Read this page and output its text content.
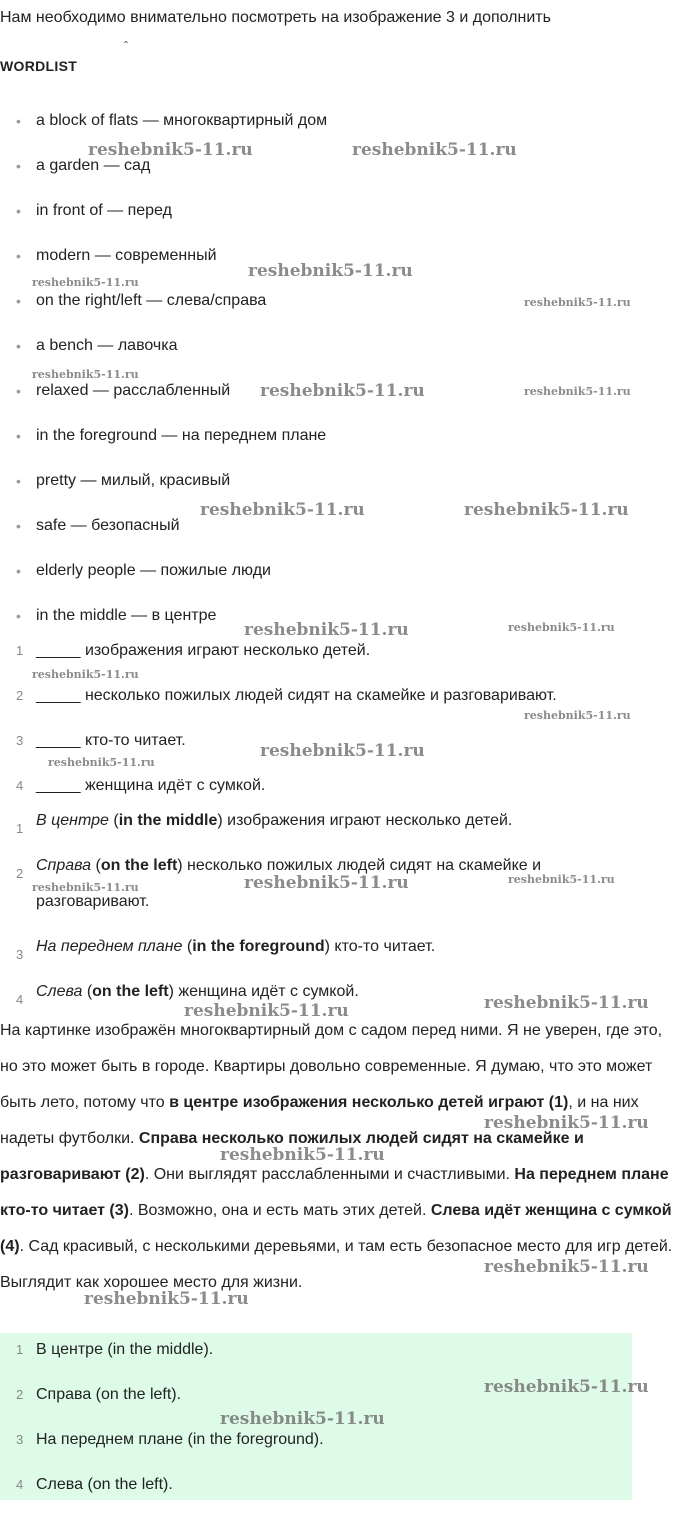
Нам необходимо внимательно посмотреть на изображение 3 и дополнить
ˆ
WORDLIST
• a block of flats — многоквартирный дом
• a garden — сад
• in front of — перед
• modern — современный
• on the right/left — слева/справа
• a bench — лавочка
• relaxed — расслабленный
• in the foreground — на переднем плане
• pretty — милый, красивый
• safe — безопасный
• elderly people — пожилые люди
• in the middle — в центре
1 _____ изображения играют несколько детей.
2 _____ несколько пожилых людей сидят на скамейке и разговаривают.
3 _____ кто-то читает.
4 _____ женщина идёт с сумкой.
1 В центре (in the middle) изображения играют несколько детей.
2 Справа (on the left) несколько пожилых людей сидят на скамейке и разговаривают.
3 На переднем плане (in the foreground) кто-то читает.
4 Слева (on the left) женщина идёт с сумкой.
На картинке изображён многоквартирный дом с садом перед ними. Я не уверен, где это, но это может быть в городе. Квартиры довольно современные. Я думаю, что это может быть лето, потому что в центре изображения несколько детей играют (1), и на них надеты футболки. Справа несколько пожилых людей сидят на скамейке и разговаривают (2). Они выглядят расслабленными и счастливыми. На переднем плане кто-то читает (3). Возможно, она и есть мать этих детей. Слева идёт женщина с сумкой (4). Сад красивый, с несколькими деревьями, и там есть безопасное место для игр детей. Выглядит как хорошее место для жизни.
1 В центре (in the middle).
2 Справа (on the left).
3 На переднем плане (in the foreground).
4 Слева (on the left).
reshebnik5-11.ru	reshebnik5-11.ru
reshebnik5-11.ru
reshebnik5-11.ru
reshebnik5-11.ru
reshebnik5-11.ru
reshebnik5-11.ru	reshebnik5-11.ru
reshebnik5-11.ru	reshebnik5-11.ru
reshebnik5-11.ru	reshebnik5-11.ru
reshebnik5-11.ru
reshebnik5-11.ru
reshebnik5-11.ru
reshebnik5-11.ru
reshebnik5-11.ru	reshebnik5-11.ru
reshebnik5-11.ru
reshebnik5-11.ru
reshebnik5-11.ru
reshebnik5-11.ru
reshebnik5-11.ru
reshebnik5-11.ru
reshebnik5-11.ru
reshebnik5-11.ru
reshebnik5-11.ru
